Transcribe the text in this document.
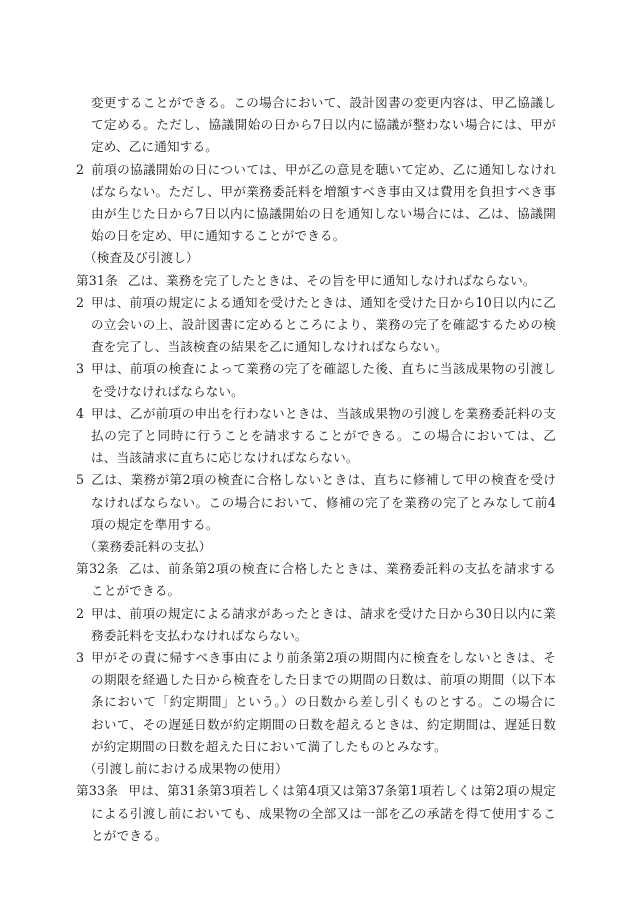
変更することができる。この場合において、設計図書の変更内容は、甲乙協議して定める。ただし、協議開始の日から7日以内に協議が整わない場合には、甲が定め、乙に通知する。

2 前項の協議開始の日については、甲が乙の意見を聴いて定め、乙に通知しなければならない。ただし、甲が業務委託料を増額すべき事由又は費用を負担すべき事由が生じた日から7日以内に協議開始の日を通知しない場合には、乙は、協議開始の日を定め、甲に通知することができる。

（検査及び引渡し）

第31条 乙は、業務を完了したときは、その旨を甲に通知しなければならない。

2 甲は、前項の規定による通知を受けたときは、通知を受けた日から10日以内に乙の立会いの上、設計図書に定めるところにより、業務の完了を確認するための検査を完了し、当該検査の結果を乙に通知しなければならない。

3 甲は、前項の検査によって業務の完了を確認した後、直ちに当該成果物の引渡しを受けなければならない。

4 甲は、乙が前項の申出を行わないときは、当該成果物の引渡しを業務委託料の支払の完了と同時に行うことを請求することができる。この場合においては、乙は、当該請求に直ちに応じなければならない。

5 乙は、業務が第2項の検査に合格しないときは、直ちに修補して甲の検査を受けなければならない。この場合において、修補の完了を業務の完了とみなして前4項の規定を準用する。

（業務委託料の支払）

第32条 乙は、前条第2項の検査に合格したときは、業務委託料の支払を請求することができる。

2 甲は、前項の規定による請求があったときは、請求を受けた日から30日以内に業務委託料を支払わなければならない。

3 甲がその責に帰すべき事由により前条第2項の期間内に検査をしないときは、その期限を経過した日から検査をした日までの期間の日数は、前項の期間（以下本条において「約定期間」という。）の日数から差し引くものとする。この場合において、その遅延日数が約定期間の日数を超えるときは、約定期間は、遅延日数が約定期間の日数を超えた日において満了したものとみなす。

（引渡し前における成果物の使用）

第33条 甲は、第31条第3項若しくは第4項又は第37条第1項若しくは第2項の規定による引渡し前においても、成果物の全部又は一部を乙の承諾を得て使用することができる。
